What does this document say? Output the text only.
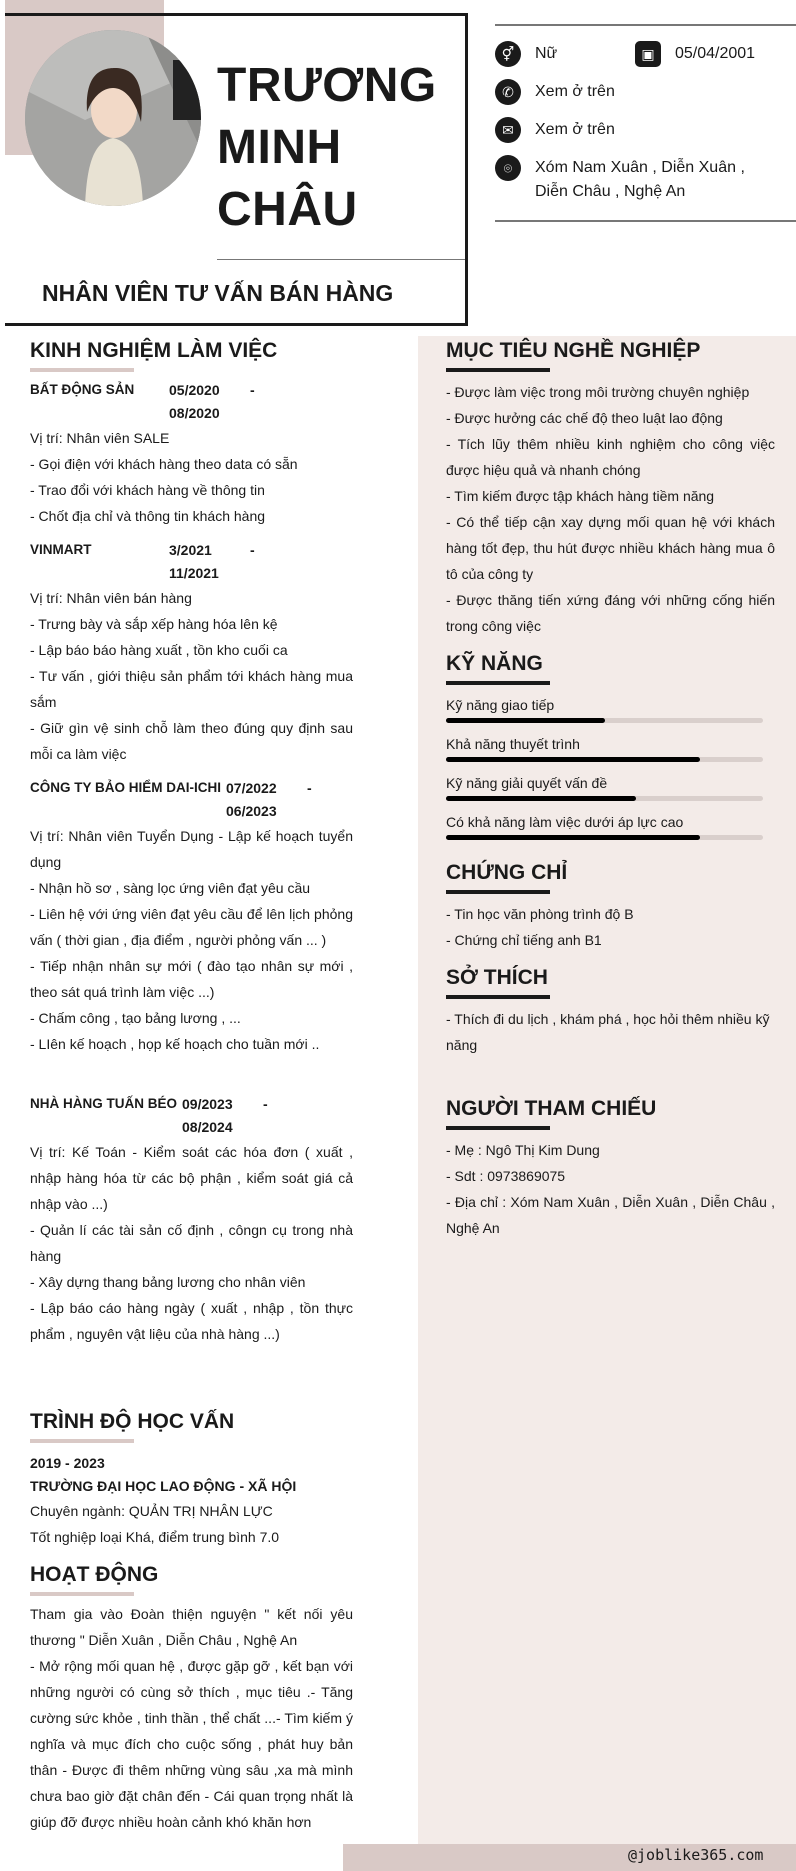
TRƯƠNG
MINH
CHÂU
NHÂN VIÊN TƯ VẤN BÁN HÀNG
⚥	Nữ	▣	05/04/2001
✆	Xem ở trên
✉	Xem ở trên
⌾	Xóm Nam Xuân , Diễn Xuân , Diễn Châu , Nghệ An
KINH NGHIỆM LÀM VIỆC
BẤT ĐỘNG SẢN 05/2020 -
08/2020
Vị trí: Nhân viên SALE
- Gọi điện với khách hàng theo data có sẵn
- Trao đổi với khách hàng về thông tin
- Chốt địa chỉ và thông tin khách hàng
VINMART	3/2021	-
11/2021
Vị trí: Nhân viên bán hàng
- Trưng bày và sắp xếp hàng hóa lên kệ
- Lập báo báo hàng xuất , tồn kho cuối ca
- Tư vấn , giới thiệu sản phẩm tới khách hàng mua sắm
- Giữ gìn vệ sinh chỗ làm theo đúng quy định sau mỗi ca làm việc
CÔNG TY BẢO HIỂM DAI-ICHI 07/2022 -
06/2023
Vị trí: Nhân viên Tuyển Dụng - Lập kế hoạch tuyển dụng
- Nhận hồ sơ , sàng lọc ứng viên đạt yêu cầu
- Liên hệ với ứng viên đạt yêu cầu để lên lịch phỏng vấn ( thời gian , địa điểm , người phỏng vấn ... )
- Tiếp nhận nhân sự mới ( đào tạo nhân sự mới , theo sát quá trình làm việc ...)
- Chấm công , tạo bảng lương , ...
- LIên kế hoạch , họp kế hoạch cho tuần mới ..
NHÀ HÀNG TUẤN BÉO 09/2023 -
08/2024
Vị trí: Kế Toán - Kiểm soát các hóa đơn ( xuất , nhập hàng hóa từ các bộ phận , kiểm soát giá cả nhập vào ...)
- Quản lí các tài sản cố định , côngn cụ trong nhà hàng
- Xây dựng thang bảng lương cho nhân viên
- Lập báo cáo hàng ngày ( xuất , nhập , tồn thực phẩm , nguyên vật liệu của nhà hàng ...)
TRÌNH ĐỘ HỌC VẤN
2019 - 2023
TRƯỜNG ĐẠI HỌC LAO ĐỘNG - XÃ HỘI
Chuyên ngành: QUẢN TRỊ NHÂN LỰC
Tốt nghiệp loại Khá, điểm trung bình 7.0
HOẠT ĐỘNG
Tham gia vào Đoàn thiện nguyện " kết nối yêu thương " Diễn Xuân , Diễn Châu , Nghệ An
- Mở rộng mối quan hệ , được gặp gỡ , kết bạn với những người có cùng sở thích , mục tiêu .- Tăng cường sức khỏe , tinh thần , thể chất ...- Tìm kiếm ý nghĩa và mục đích cho cuộc sống , phát huy bản thân - Được đi thêm những vùng sâu ,xa mà mình chưa bao giờ đặt chân đến - Cái quan trọng nhất là giúp đỡ được nhiều hoàn cảnh khó khăn hơn
MỤC TIÊU NGHỀ NGHIỆP
- Được làm việc trong môi trường chuyên nghiệp
- Được hưởng các chế độ theo luật lao động
- Tích lũy thêm nhiều kinh nghiệm cho công việc được hiệu quả và nhanh chóng
- Tìm kiếm được tập khách hàng tiềm năng
- Có thể tiếp cận xay dựng mối quan hệ với khách hàng tốt đẹp, thu hút được nhiều khách hàng mua ô tô của công ty
- Được thăng tiến xứng đáng với những cống hiến trong công việc
KỸ NĂNG
Kỹ năng giao tiếp
Khả năng thuyết trình
Kỹ năng giải quyết vấn đề
Có khả năng làm việc dưới áp lực cao
CHỨNG CHỈ
- Tin học văn phòng trình độ B
- Chứng chỉ tiếng anh B1
SỞ THÍCH
- Thích đi du lịch , khám phá , học hỏi thêm nhiều kỹ năng
NGƯỜI THAM CHIẾU
- Mẹ : Ngô Thị Kim Dung
- Sdt : 0973869075
- Địa chỉ : Xóm Nam Xuân , Diễn Xuân , Diễn Châu , Nghệ An
@joblike365.com
